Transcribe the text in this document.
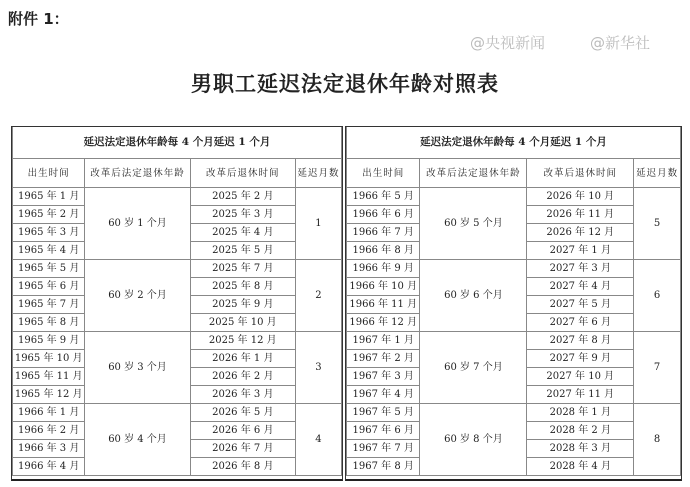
附件 1：
男职工延迟法定退休年龄对照表
延迟法定退休年龄每 4 个月延迟 1 个月			
出生时间	改革后法定退休年龄	改革后退休时间	延迟月数
1965 年 1 月	60 岁 1 个月	2025 年 2 月	1
1965 年 2 月		2025 年 3 月	
1965 年 3 月		2025 年 4 月	
1965 年 4 月		2025 年 5 月	
1965 年 5 月	60 岁 2 个月	2025 年 7 月	2
1965 年 6 月		2025 年 8 月	
1965 年 7 月		2025 年 9 月	
1965 年 8 月		2025 年 10 月	
1965 年 9 月	60 岁 3 个月	2025 年 12 月	3
1965 年 10 月		2026 年 1 月	
1965 年 11 月		2026 年 2 月	
1965 年 12 月		2026 年 3 月	
1966 年 1 月	60 岁 4 个月	2026 年 5 月	4
1966 年 2 月		2026 年 6 月	
1966 年 3 月		2026 年 7 月	
1966 年 4 月		2026 年 8 月	
延迟法定退休年龄每 4 个月延迟 1 个月			
出生时间	改革后法定退休年龄	改革后退休时间	延迟月数
1966 年 5 月	60 岁 5 个月	2026 年 10 月	5
1966 年 6 月		2026 年 11 月	
1966 年 7 月		2026 年 12 月	
1966 年 8 月		2027 年 1 月	
1966 年 9 月	60 岁 6 个月	2027 年 3 月	6
1966 年 10 月		2027 年 4 月	
1966 年 11 月		2027 年 5 月	
1966 年 12 月		2027 年 6 月	
1967 年 1 月	60 岁 7 个月	2027 年 8 月	7
1967 年 2 月		2027 年 9 月	
1967 年 3 月		2027 年 10 月	
1967 年 4 月		2027 年 11 月	
1967 年 5 月	60 岁 8 个月	2028 年 1 月	8
1967 年 6 月		2028 年 2 月	
1967 年 7 月		2028 年 3 月	
1967 年 8 月		2028 年 4 月	
@央视新闻	@新华社
